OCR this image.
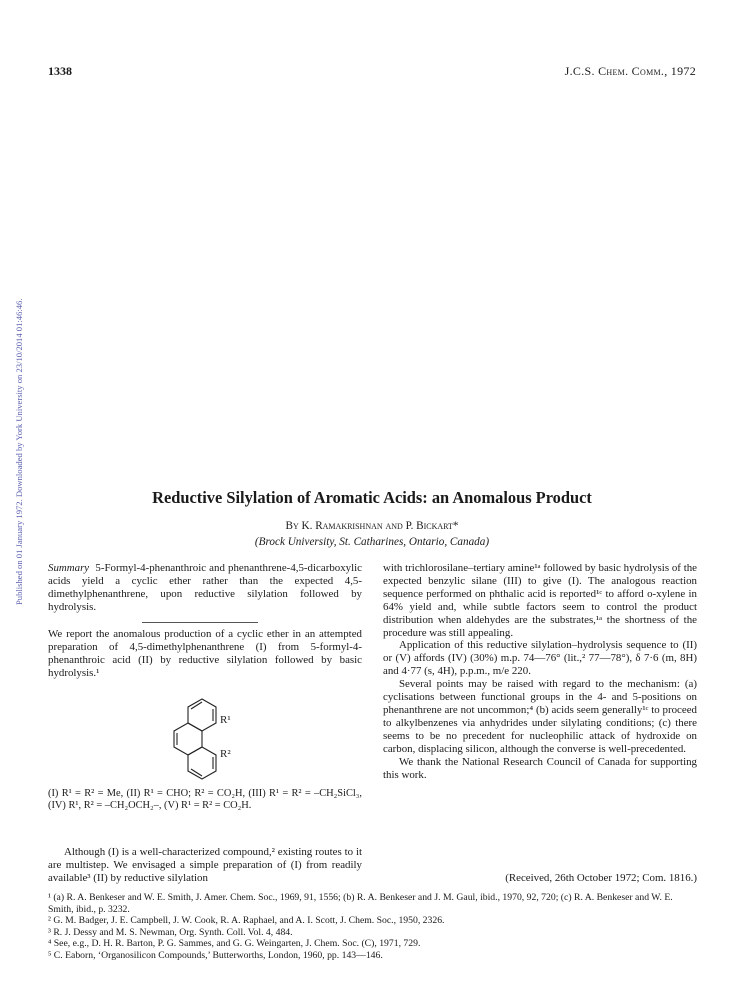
1338	J.C.S. Chem. Comm., 1972
Published on 01 January 1972. Downloaded by York University on 23/10/2014 01:46:46.	Reductive Silylation of Aromatic Acids: an Anomalous Product
By K. Ramakrishnan and P. Bickart*
(Brock University, St. Catharines, Ontario, Canada)

Summary 5-Formyl-4-phenanthroic and phenanthrene-4,5-dicarboxylic acids yield a cyclic ether rather than the expected 4,5-dimethylphenanthrene, upon reductive silylation followed by hydrolysis.

We report the anomalous production of a cyclic ether in an attempted preparation of 4,5-dimethylphenanthrene (I) from 5-formyl-4-phenanthroic acid (II) by reductive silylation followed by basic hydrolysis.¹

R¹
R²

(I) R¹ = R² = Me, (II) R¹ = CHO; R² = CO₂H, (III) R¹ = R² = –CH₂SiCl₃, (IV) R¹, R² = –CH₂OCH₂–, (V) R¹ = R² = CO₂H.

Although (I) is a well-characterized compound,² existing routes to it are multistep. We envisaged a simple preparation of (I) from readily available³ (II) by reductive silylation

with trichlorosilane–tertiary amine¹ᵃ followed by basic hydrolysis of the expected benzylic silane (III) to give (I). The analogous reaction sequence performed on phthalic acid is reported¹ᶜ to afford o-xylene in 64% yield and, while subtle factors seem to control the product distribution when aldehydes are the substrates,¹ᵃ the shortness of the procedure was still appealing.

Application of this reductive silylation–hydrolysis sequence to (II) or (V) affords (IV) (30%) m.p. 74—76° (lit.,² 77—78°), δ 7·6 (m, 8H) and 4·77 (s, 4H), p.p.m., m/e 220.

Several points may be raised with regard to the mechanism: (a) cyclisations between functional groups in the 4- and 5-positions on phenanthrene are not uncommon;⁴ (b) acids seem generally¹ᶜ to proceed to alkylbenzenes via anhydrides under silylating conditions; (c) there seems to be no precedent for nucleophilic attack of hydroxide on carbon, displacing silicon, although the converse is well-precedented.

We thank the National Research Council of Canada for supporting this work.

(Received, 26th October 1972; Com. 1816.)

¹ (a) R. A. Benkeser and W. E. Smith, J. Amer. Chem. Soc., 1969, 91, 1556; (b) R. A. Benkeser and J. M. Gaul, ibid., 1970, 92, 720; (c) R. A. Benkeser and W. E. Smith, ibid., p. 3232.

² G. M. Badger, J. E. Campbell, J. W. Cook, R. A. Raphael, and A. I. Scott, J. Chem. Soc., 1950, 2326.

³ R. J. Dessy and M. S. Newman, Org. Synth. Coll. Vol. 4, 484.

⁴ See, e.g., D. H. R. Barton, P. G. Sammes, and G. G. Weingarten, J. Chem. Soc. (C), 1971, 729.

⁵ C. Eaborn, ‘Organosilicon Compounds,’ Butterworths, London, 1960, pp. 143—146.
